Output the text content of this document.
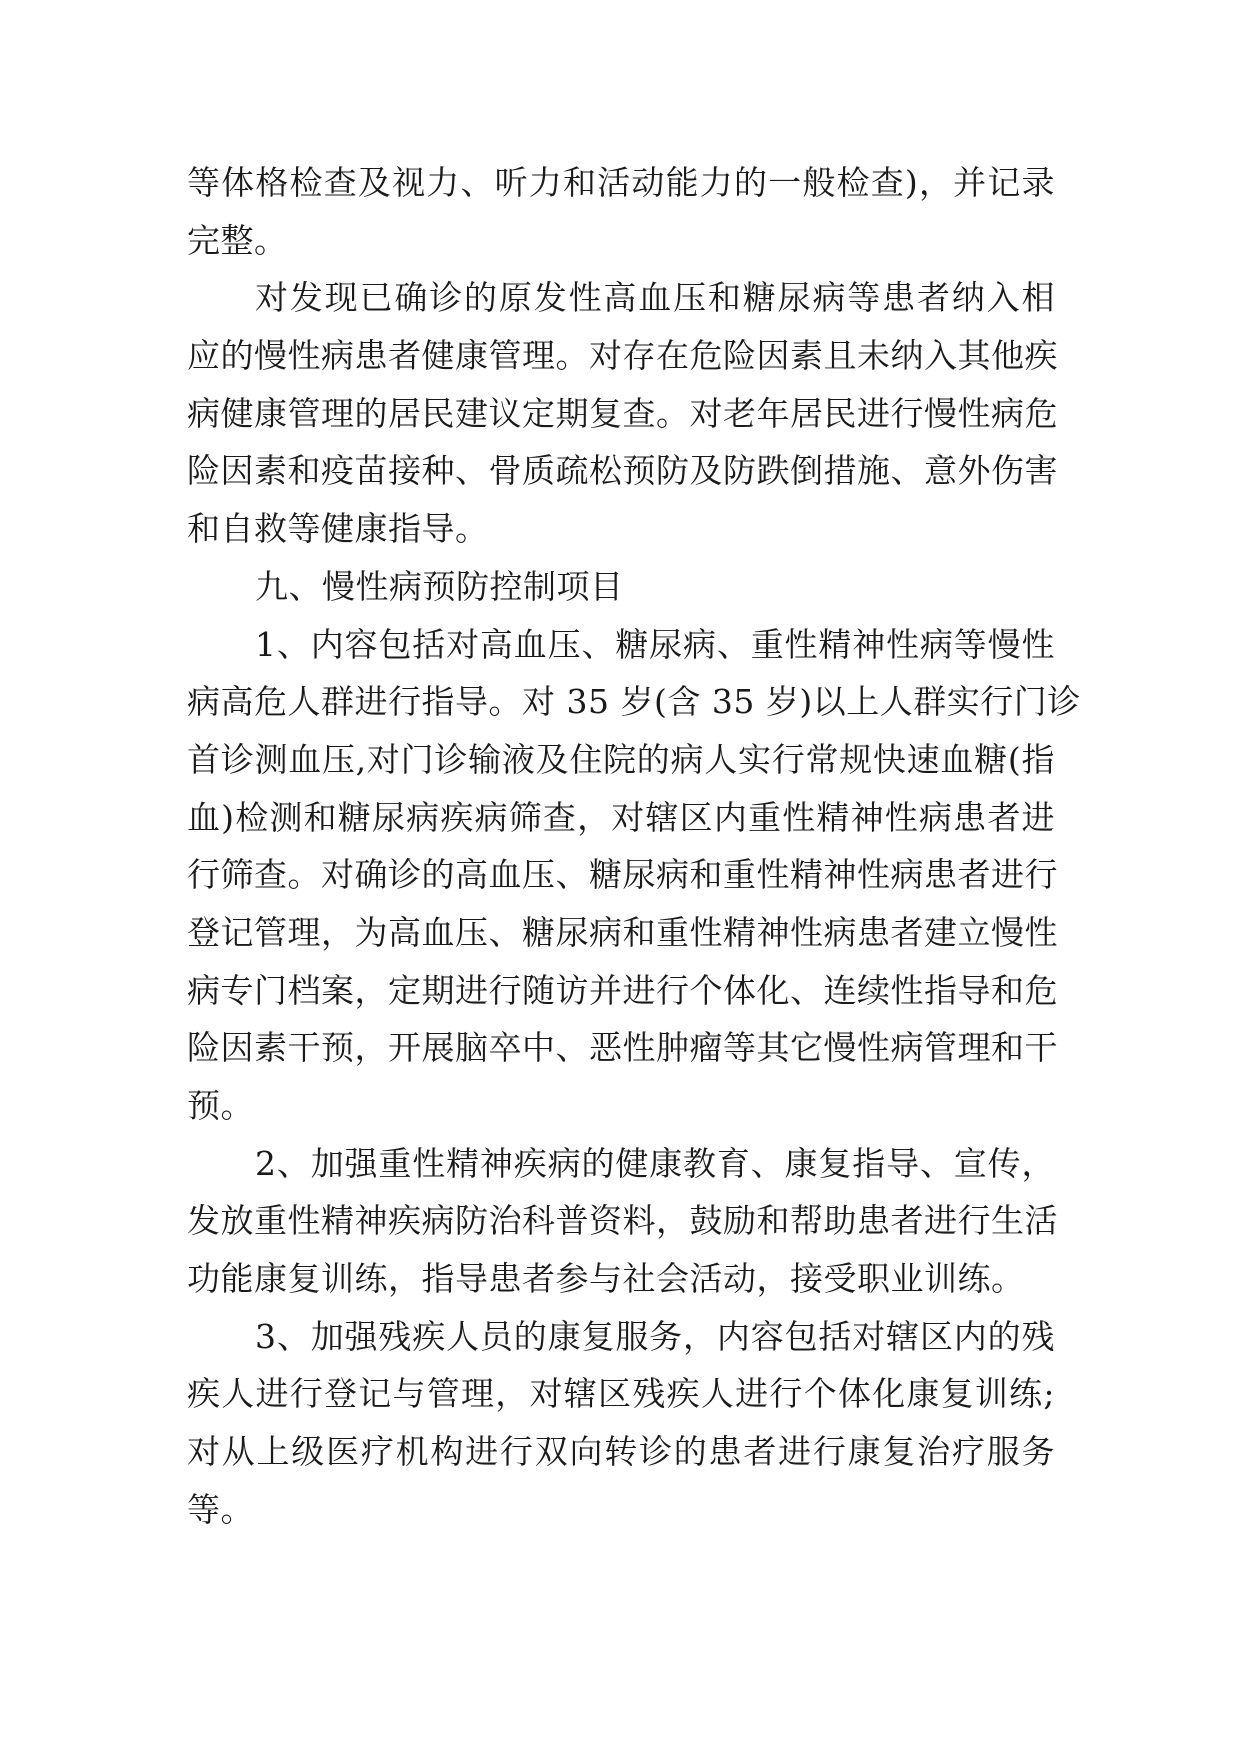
等体格检查及视力、听力和活动能力的一般检查)，并记录
完整。
对发现已确诊的原发性高血压和糖尿病等患者纳入相
应的慢性病患者健康管理。对存在危险因素且未纳入其他疾
病健康管理的居民建议定期复查。对老年居民进行慢性病危
险因素和疫苗接种、骨质疏松预防及防跌倒措施、意外伤害
和自救等健康指导。
九、慢性病预防控制项目
1、内容包括对高血压、糖尿病、重性精神性病等慢性
病高危人群进行指导。对 35 岁(含 35 岁)以上人群实行门诊
首诊测血压,对门诊输液及住院的病人实行常规快速血糖(指
血)检测和糖尿病疾病筛查，对辖区内重性精神性病患者进
行筛查。对确诊的高血压、糖尿病和重性精神性病患者进行
登记管理，为高血压、糖尿病和重性精神性病患者建立慢性
病专门档案，定期进行随访并进行个体化、连续性指导和危
险因素干预，开展脑卒中、恶性肿瘤等其它慢性病管理和干
预。
2、加强重性精神疾病的健康教育、康复指导、宣传，
发放重性精神疾病防治科普资料，鼓励和帮助患者进行生活
功能康复训练，指导患者参与社会活动，接受职业训练。
3、加强残疾人员的康复服务，内容包括对辖区内的残
疾人进行登记与管理，对辖区残疾人进行个体化康复训练;
对从上级医疗机构进行双向转诊的患者进行康复治疗服务
等。
